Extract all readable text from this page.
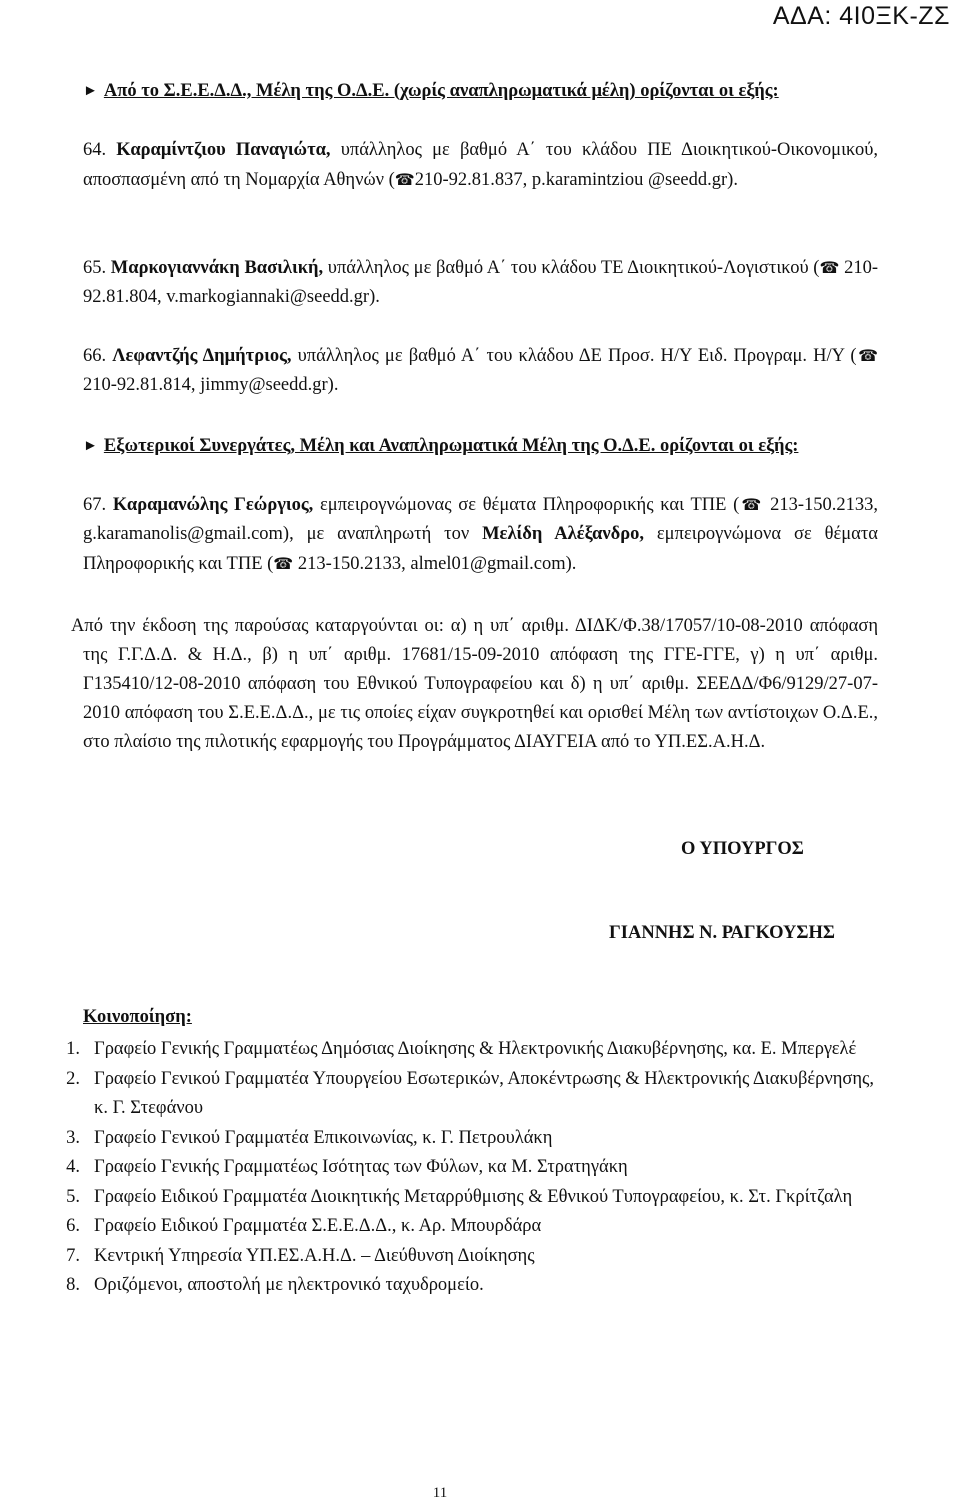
ΑΔΑ: 4Ι0ΞΚ-ΖΣ
► Από το Σ.Ε.Ε.Δ.Δ., Μέλη της Ο.Δ.Ε. (χωρίς αναπληρωματικά μέλη) ορίζονται οι εξής:
64. Καραμίντζιου Παναγιώτα, υπάλληλος με βαθμό Α΄ του κλάδου ΠΕ Διοικητικού-Οικονομικού, αποσπασμένη από τη Νομαρχία Αθηνών (☎210-92.81.837, p.karamintziou @seedd.gr).
65. Μαρκογιαννάκη Βασιλική, υπάλληλος με βαθμό Α΄ του κλάδου ΤΕ Διοικητικού-Λογιστικού (☎ 210-92.81.804, v.markogiannaki@seedd.gr).
66. Λεφαντζής Δημήτριος, υπάλληλος με βαθμό Α΄ του κλάδου ΔΕ Προσ. Η/Υ Ειδ. Προγραμ. Η/Υ (☎ 210-92.81.814, jimmy@seedd.gr).
► Εξωτερικοί Συνεργάτες, Μέλη και Αναπληρωματικά Μέλη της Ο.Δ.Ε. ορίζονται οι εξής:
67. Καραμανώλης Γεώργιος, εμπειρογνώμονας σε θέματα Πληροφορικής και ΤΠΕ (☎ 213-150.2133, g.karamanolis@gmail.com), με αναπληρωτή τον Μελίδη Αλέξανδρο, εμπειρογνώμονα σε θέματα Πληροφορικής και ΤΠΕ (☎ 213-150.2133, almel01@gmail.com).
Από την έκδοση της παρούσας καταργούνται οι: α) η υπ΄ αριθμ. ΔΙΔΚ/Φ.38/17057/10-08-2010 απόφαση της Γ.Γ.Δ.Δ. & Η.Δ., β) η υπ΄ αριθμ. 17681/15-09-2010 απόφαση της ΓΓΕ-ΓΓΕ, γ) η υπ΄ αριθμ. Γ135410/12-08-2010 απόφαση του Εθνικού Τυπογραφείου και δ) η υπ΄ αριθμ. ΣΕΕΔΔ/Φ6/9129/27-07-2010 απόφαση του Σ.Ε.Ε.Δ.Δ., με τις οποίες είχαν συγκροτηθεί και ορισθεί Μέλη των αντίστοιχων Ο.Δ.Ε., στο πλαίσιο της πιλοτικής εφαρμογής του Προγράμματος ΔΙΑΥΓΕΙΑ από το ΥΠ.ΕΣ.Α.Η.Δ.
Ο ΥΠΟΥΡΓΟΣ
ΓΙΑΝΝΗΣ Ν. ΡΑΓΚΟΥΣΗΣ
Κοινοποίηση:
1. Γραφείο Γενικής Γραμματέως Δημόσιας Διοίκησης & Ηλεκτρονικής Διακυβέρνησης, κα. Ε. Μπεργελέ
2. Γραφείο Γενικού Γραμματέα Υπουργείου Εσωτερικών, Αποκέντρωσης & Ηλεκτρονικής Διακυβέρνησης, κ. Γ. Στεφάνου
3. Γραφείο Γενικού Γραμματέα Επικοινωνίας, κ. Γ. Πετρουλάκη
4. Γραφείο Γενικής Γραμματέως Ισότητας των Φύλων, κα Μ. Στρατηγάκη
5. Γραφείο Ειδικού Γραμματέα Διοικητικής Μεταρρύθμισης & Εθνικού Τυπογραφείου, κ. Στ. Γκρίτζαλη
6. Γραφείο Ειδικού Γραμματέα Σ.Ε.Ε.Δ.Δ., κ. Αρ. Μπουρδάρα
7. Κεντρική Υπηρεσία ΥΠ.ΕΣ.Α.Η.Δ. – Διεύθυνση Διοίκησης
8. Οριζόμενοι, αποστολή με ηλεκτρονικό ταχυδρομείο.
11
